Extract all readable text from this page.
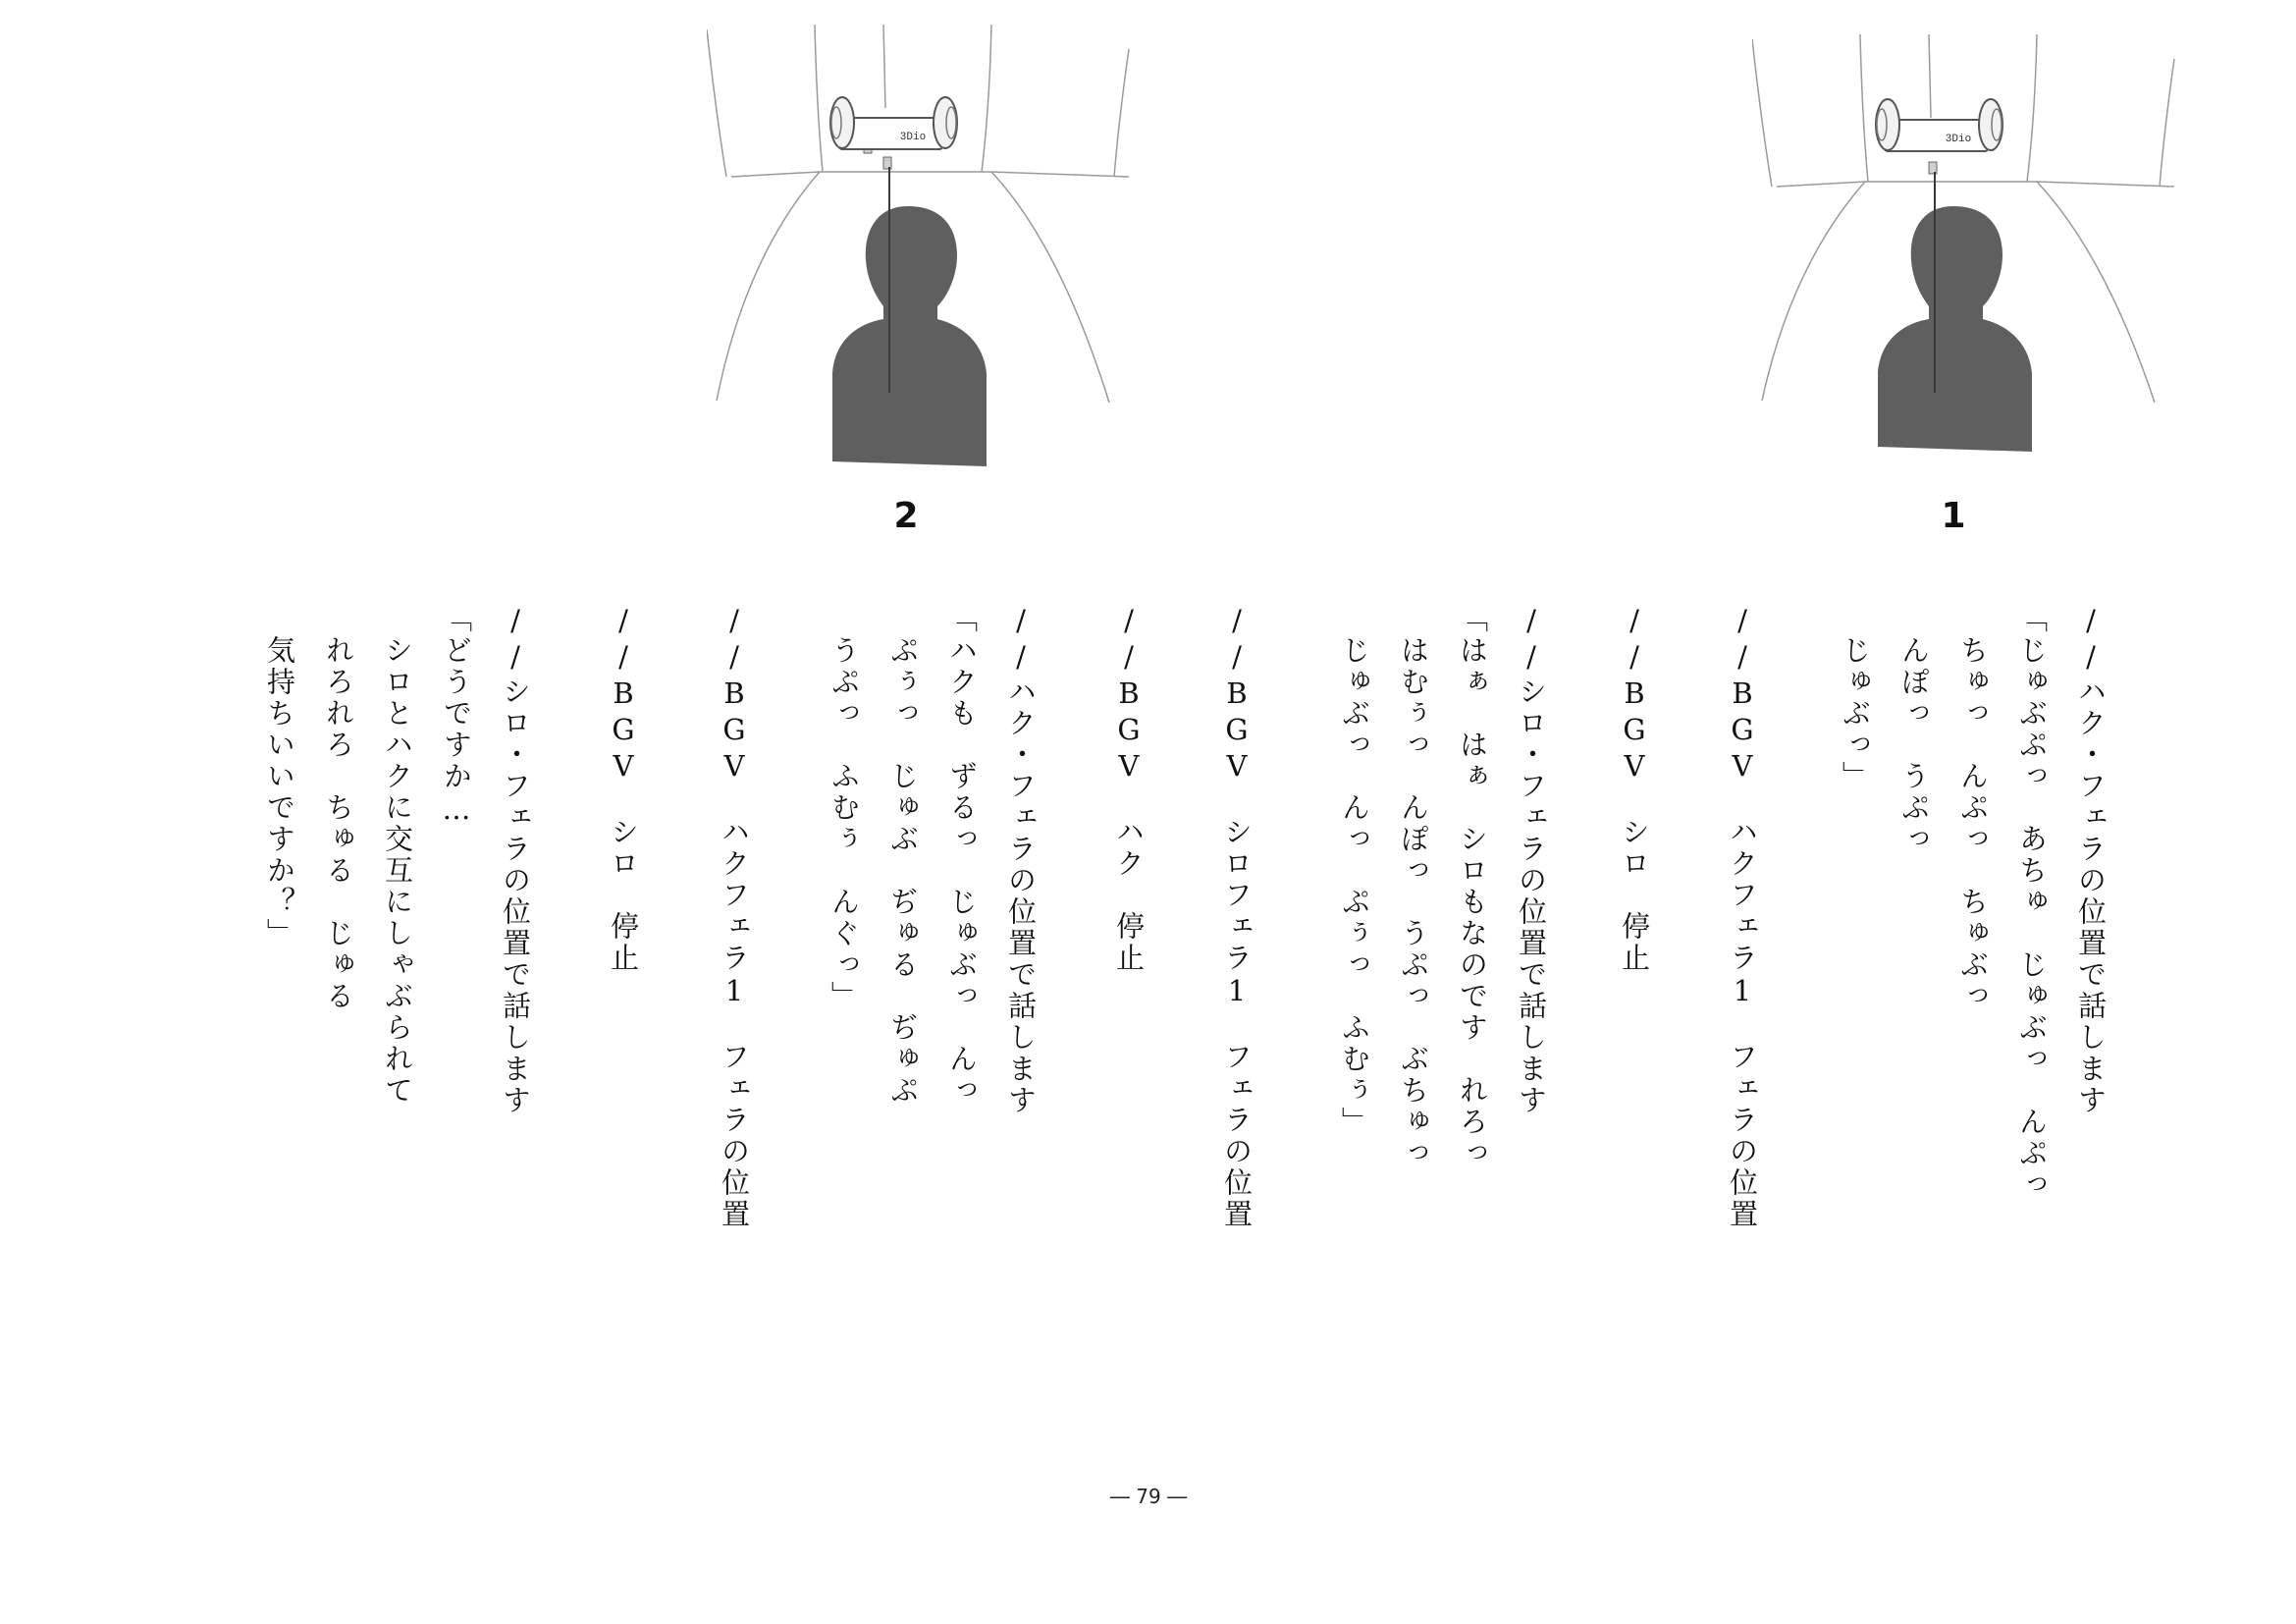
3Dio
2
3Dio
1
//ハク・フェラの位置で話します
「じゅぶぷっ　あちゅ　じゅぶっ　んぷっ
　ちゅっ　んぷっ　ちゅぶっ
　んぽっ　うぷっ
　じゅぶっ」
//BGV　ハクフェラ1　フェラの位置
//BGV　シロ　停止
//シロ・フェラの位置で話します
「はぁ　はぁ　シロもなのです　れろっ
　はむぅっ　んぽっ　うぷっ　ぶちゅっ
　じゅぶっ　んっ　ぷぅっ　ふむぅ」
//BGV　シロフェラ1　フェラの位置
//BGV　ハク　停止
//ハク・フェラの位置で話します
「ハクも　ずるっ　じゅぶっ　んっ
　ぷぅっ　じゅぶ　ぢゅる　ぢゅぷ
　うぷっ　ふむぅ　んぐっ」
//BGV　ハクフェラ1　フェラの位置
//BGV　シロ　停止
//シロ・フェラの位置で話します
「どうですか…
　シロとハクに交互にしゃぶられて
　れろれろ　ちゅる　じゅる
　気持ちいいですか？」
― 79 ―
